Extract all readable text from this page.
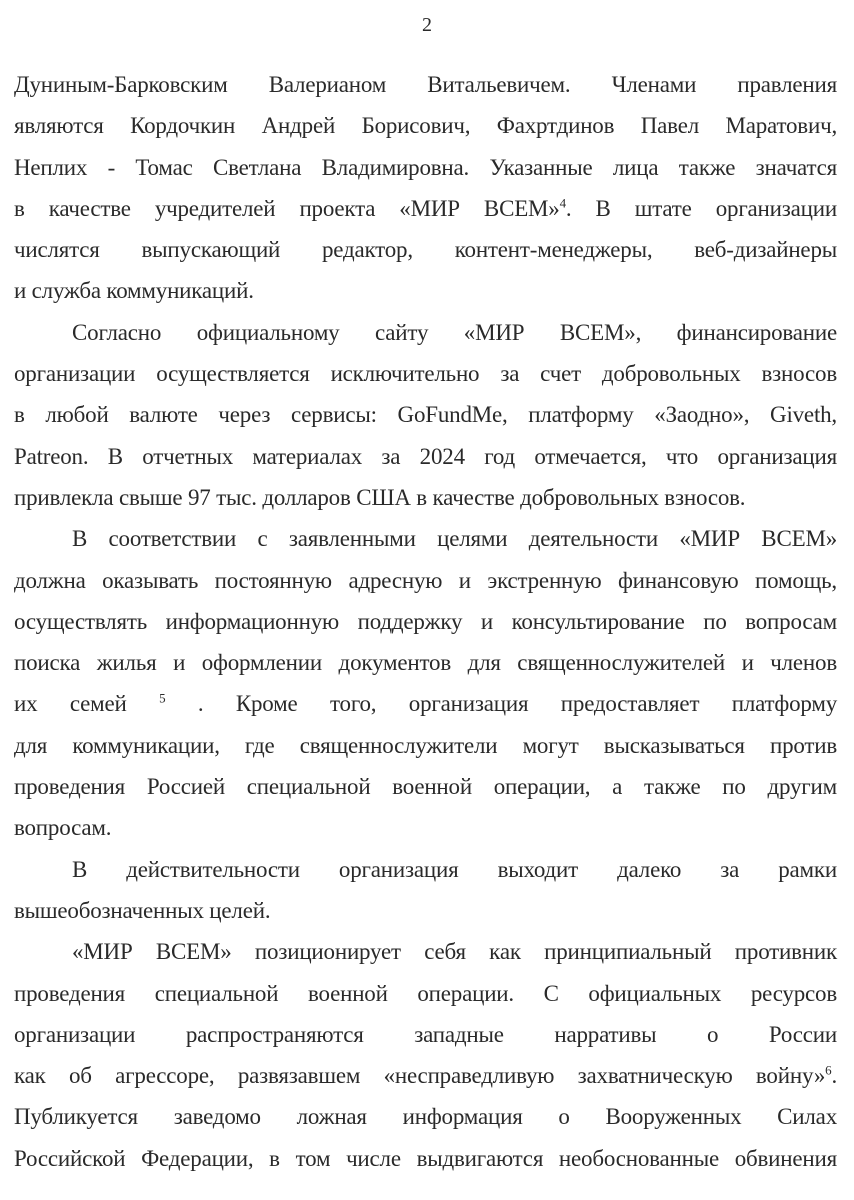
2
Дуниным-Барковским Валерианом Витальевичем. Членами правления
являются Кордочкин Андрей Борисович, Фахртдинов Павел Маратович,
Неплих - Томас Светлана Владимировна. Указанные лица также значатся
в качестве учредителей проекта «МИР ВСЕМ»$^4$. В штате организации
числятся выпускающий редактор, контент-менеджеры, веб-дизайнеры
и служба коммуникаций.
Согласно официальному сайту «МИР ВСЕМ», финансирование
организации осуществляется исключительно за счет добровольных взносов
в любой валюте через сервисы: GoFundMe, платформу «Заодно», Giveth,
Patreon. В отчетных материалах за 2024 год отмечается, что организация
привлекла свыше 97 тыс. долларов США в качестве добровольных взносов.
В соответствии с заявленными целями деятельности «МИР ВСЕМ»
должна оказывать постоянную адресную и экстренную финансовую помощь,
осуществлять информационную поддержку и консультирование по вопросам
поиска жилья и оформлении документов для священнослужителей и членов
их семей $^5$ . Кроме того, организация предоставляет платформу
для коммуникации, где священнослужители могут высказываться против
проведения Россией специальной военной операции, а также по другим
вопросам.
В действительности организация выходит далеко за рамки
вышеобозначенных целей.
«МИР ВСЕМ» позиционирует себя как принципиальный противник
проведения специальной военной операции. С официальных ресурсов
организации распространяются западные нарративы о России
как об агрессоре, развязавшем «несправедливую захватническую войну»$^6$.
Публикуется заведомо ложная информация о Вооруженных Силах
Российской Федерации, в том числе выдвигаются необоснованные обвинения
